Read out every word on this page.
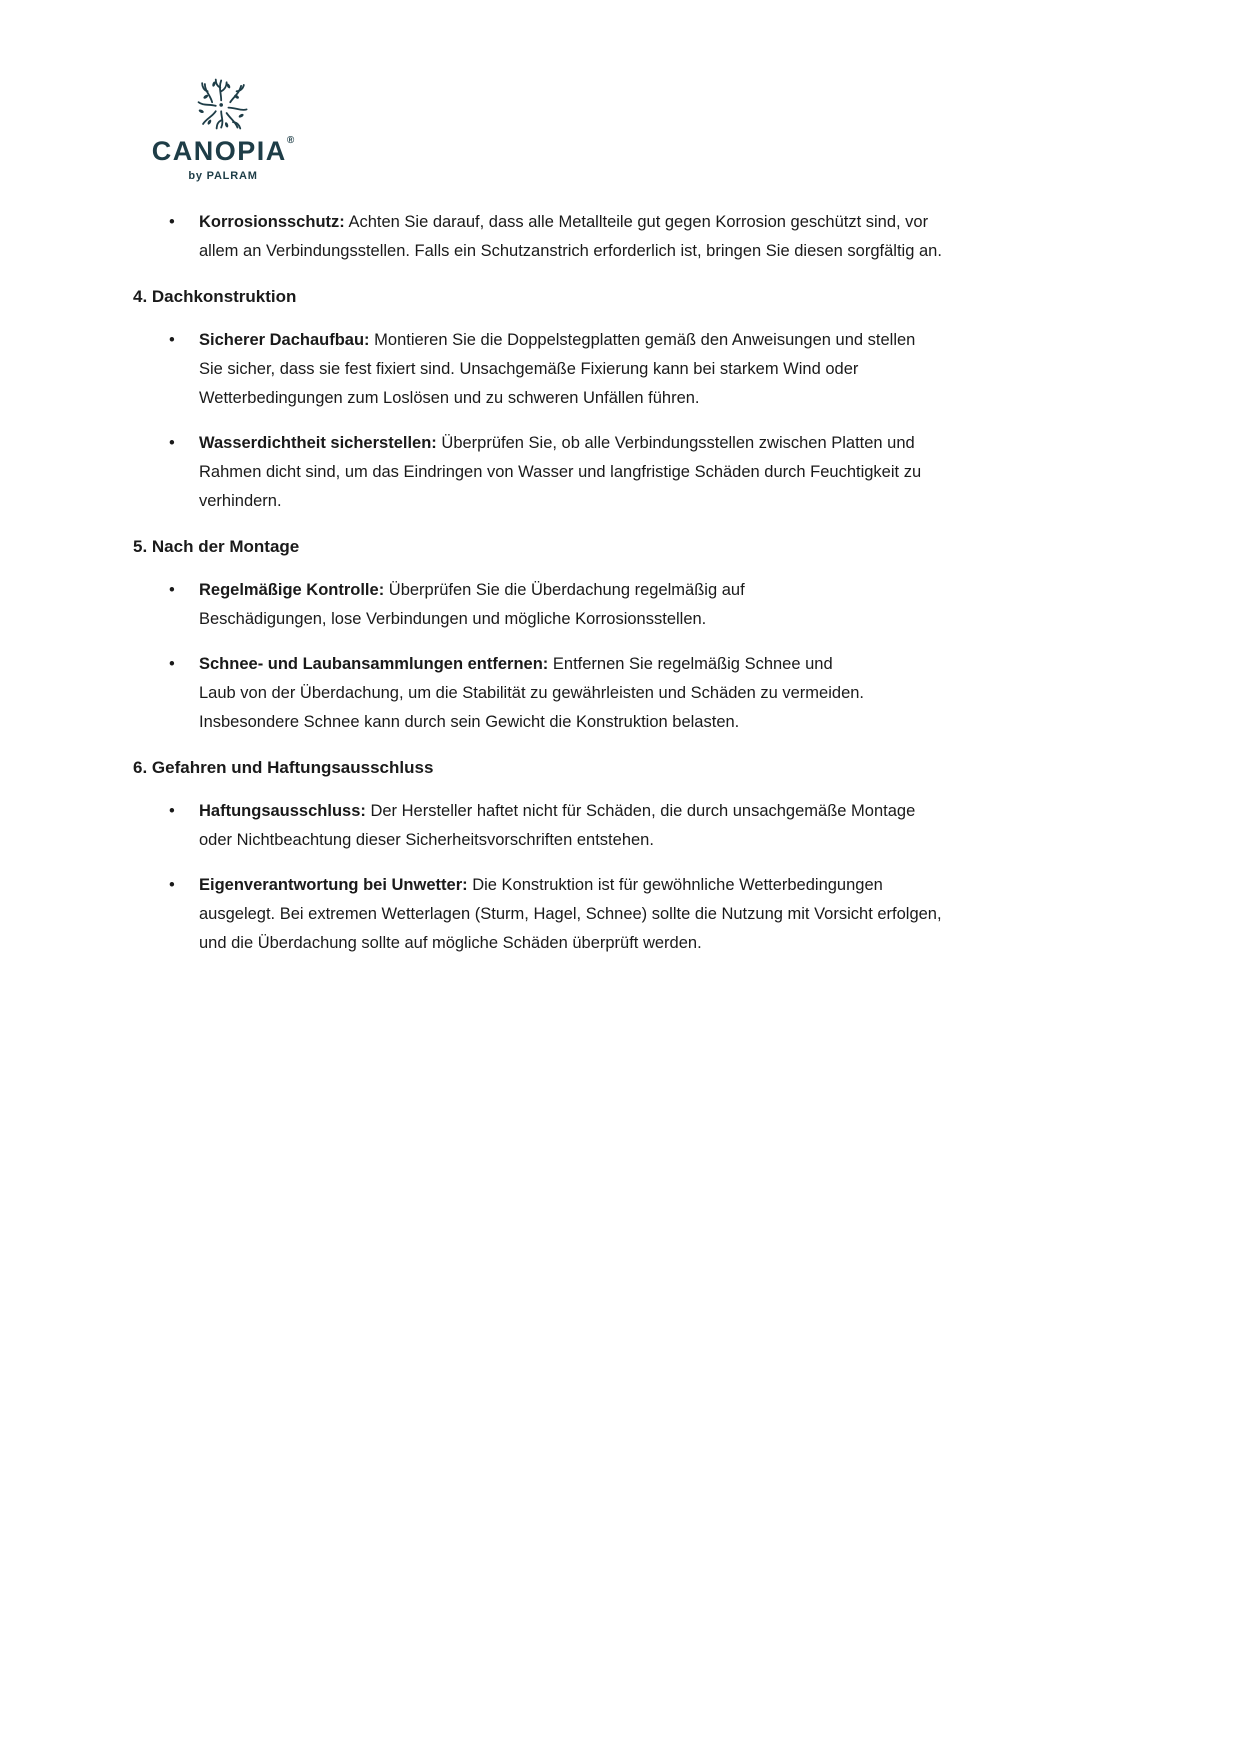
CANOPIA®
by PALRAM
• Korrosionsschutz: Achten Sie darauf, dass alle Metallteile gut gegen Korrosion geschützt sind, vor allem an Verbindungsstellen. Falls ein Schutzanstrich erforderlich ist, bringen Sie diesen sorgfältig an.
4. Dachkonstruktion
• Sicherer Dachaufbau: Montieren Sie die Doppelstegplatten gemäß den Anweisungen und stellen Sie sicher, dass sie fest fixiert sind. Unsachgemäße Fixierung kann bei starkem Wind oder Wetterbedingungen zum Loslösen und zu schweren Unfällen führen.
• Wasserdichtheit sicherstellen: Überprüfen Sie, ob alle Verbindungsstellen zwischen Platten und Rahmen dicht sind, um das Eindringen von Wasser und langfristige Schäden durch Feuchtigkeit zu verhindern.
5. Nach der Montage
• Regelmäßige Kontrolle: Überprüfen Sie die Überdachung regelmäßig auf Beschädigungen, lose Verbindungen und mögliche Korrosionsstellen.
• Schnee- und Laubansammlungen entfernen: Entfernen Sie regelmäßig Schnee und Laub von der Überdachung, um die Stabilität zu gewährleisten und Schäden zu vermeiden. Insbesondere Schnee kann durch sein Gewicht die Konstruktion belasten.
6. Gefahren und Haftungsausschluss
• Haftungsausschluss: Der Hersteller haftet nicht für Schäden, die durch unsachgemäße Montage oder Nichtbeachtung dieser Sicherheitsvorschriften entstehen.
• Eigenverantwortung bei Unwetter: Die Konstruktion ist für gewöhnliche Wetterbedingungen ausgelegt. Bei extremen Wetterlagen (Sturm, Hagel, Schnee) sollte die Nutzung mit Vorsicht erfolgen, und die Überdachung sollte auf mögliche Schäden überprüft werden.
